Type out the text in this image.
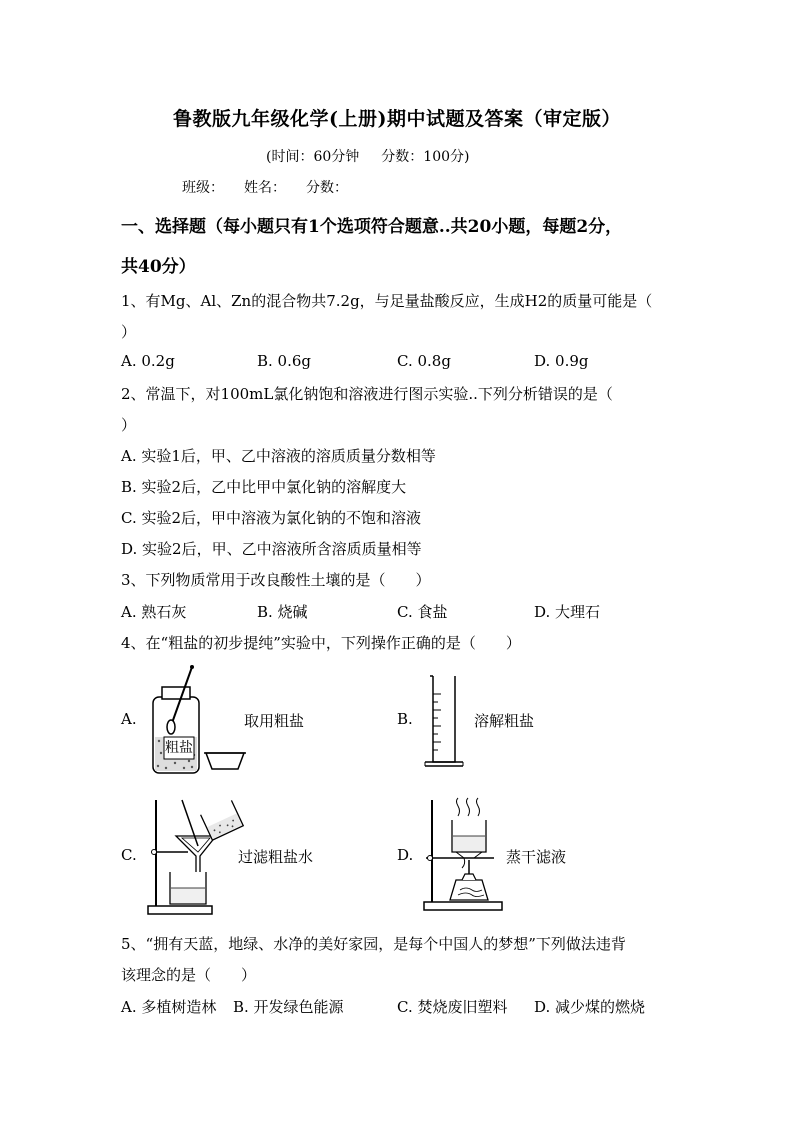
鲁教版九年级化学(上册)期中试题及答案（审定版）
(时间：60分钟 分数：100分)
班级： 姓名： 分数：
一、选择题（每小题只有1个选项符合题意..共20小题，每题2分，
共40分）
1、有Mg、Al、Zn的混合物共7.2g，与足量盐酸反应，生成H2的质量可能是（
）
A. 0.2g	B. 0.6g	C. 0.8g	D. 0.9g
2、常温下，对100mL氯化钠饱和溶液进行图示实验..下列分析错误的是（
）
A. 实验1后，甲、乙中溶液的溶质质量分数相等
B. 实验2后，乙中比甲中氯化钠的溶解度大
C. 实验2后，甲中溶液为氯化钠的不饱和溶液
D. 实验2后，甲、乙中溶液所含溶质质量相等
3、下列物质常用于改良酸性土壤的是（　　）
A. 熟石灰	B. 烧碱	C. 食盐	D. 大理石
4、在“粗盐的初步提纯”实验中，下列操作正确的是（　　）
A.
粗盐
取用粗盐	B.	溶解粗盐
C.	过滤粗盐水	D.	蒸干滤液
5、“拥有天蓝，地绿、水净的美好家园，是每个中国人的梦想”下列做法违背
该理念的是（　　）
A. 多植树造林 B. 开发绿色能源	C. 焚烧废旧塑料 D. 减少煤的燃烧
